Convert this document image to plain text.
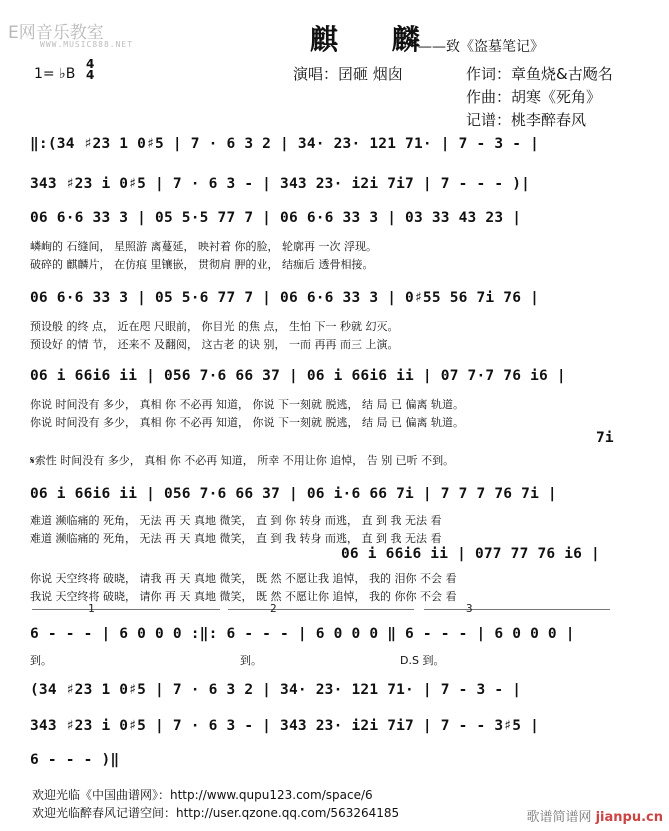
E网音乐教室
WWW.MUSIC888.NET	麒 麟
——致《盗墓笔记》
1= ♭B
4
4	演唱：囝砸 烟囱	作词：章鱼烧&古飏名
作曲：胡寒《死角》
记谱：桃李醉春风
‖:(34 ♯23 1 0♯5 | 7 · 6 3 2 | 34· 23· 121 71· | 7 - 3 - |
343 ♯23 i 0♯5 | 7 · 6 3 - | 343 23· i2i 7i7 | 7 - - - )|
06 6·6 33 3 | 05 5·5 77 7 | 06 6·6 33 3 | 03 33 43 23 |
嶙峋的 石缝间， 星照游 离蔓延， 映衬着 你的脸， 轮廓再 一次 浮现。
破碎的 麒麟片， 在仿痕 里镶嵌， 贯彻肩 胛的业， 结痂后 透骨相接。
06 6·6 33 3 | 05 5·6 77 7 | 06 6·6 33 3 | 0♯55 56 7i 76 |
预设般 的终 点， 近在咫 尺眼前， 你目光 的焦 点， 生怕 下一 秒就 幻灭。
预设好 的情 节， 还来不 及翻阅， 这古老 的诀 别， 一而 再再 而三 上演。
06 i 66i6 ii | 056 7·6 66 37 | 06 i 66i6 ii | 07 7·7 76 i6 |
你说 时间没有 多少， 真相 你 不必再 知道， 你说 下一刻就 脱逃， 结 局 已 偏离 轨道。
你说 时间没有 多少， 真相 你 不必再 知道， 你说 下一刻就 脱逃， 结 局 已 偏离 轨道。
7i
𝄋索性 时间没有 多少， 真相 你 不必再 知道， 所幸 不用让你 追悼， 告 别 已听 不到。
06 i 66i6 ii | 056 7·6 66 37 | 06 i·6 66 7i | 7 7 7 76 7i |
难道 濒临痛的 死角， 无法 再 天 真地 微笑， 直 到 你 转身 而逃， 直 到 我 无法 看
难道 濒临痛的 死角， 无法 再 天 真地 微笑， 直 到 我 转身 而逃， 直 到 我 无法 看
06 i 66i6 ii | 077 77 76 i6 |
你说 天空终将 破晓， 请我 再 天 真地 微笑， 既 然 不愿让我 追悼， 我的 泪你 不会 看
我说 天空终将 破晓， 请你 再 天 真地 微笑， 既 然 不愿让你 追悼， 我的 你你 不会 看
1	2	3
6 - - - | 6 0 0 0 :‖: 6 - - - | 6 0 0 0 ‖ 6 - - - | 6 0 0 0 |
到。	到。	D.S 到。
(34 ♯23 1 0♯5 | 7 · 6 3 2 | 34· 23· 121 71· | 7 - 3 - |
343 ♯23 i 0♯5 | 7 · 6 3 - | 343 23· i2i 7i7 | 7 - - 3♯5 |
6 - - - )‖
欢迎光临《中国曲谱网》：http://www.qupu123.com/space/6
欢迎光临醉春风记谱空间：http://user.qzone.qq.com/563264185	歌谱简谱网 jianpu.cn
